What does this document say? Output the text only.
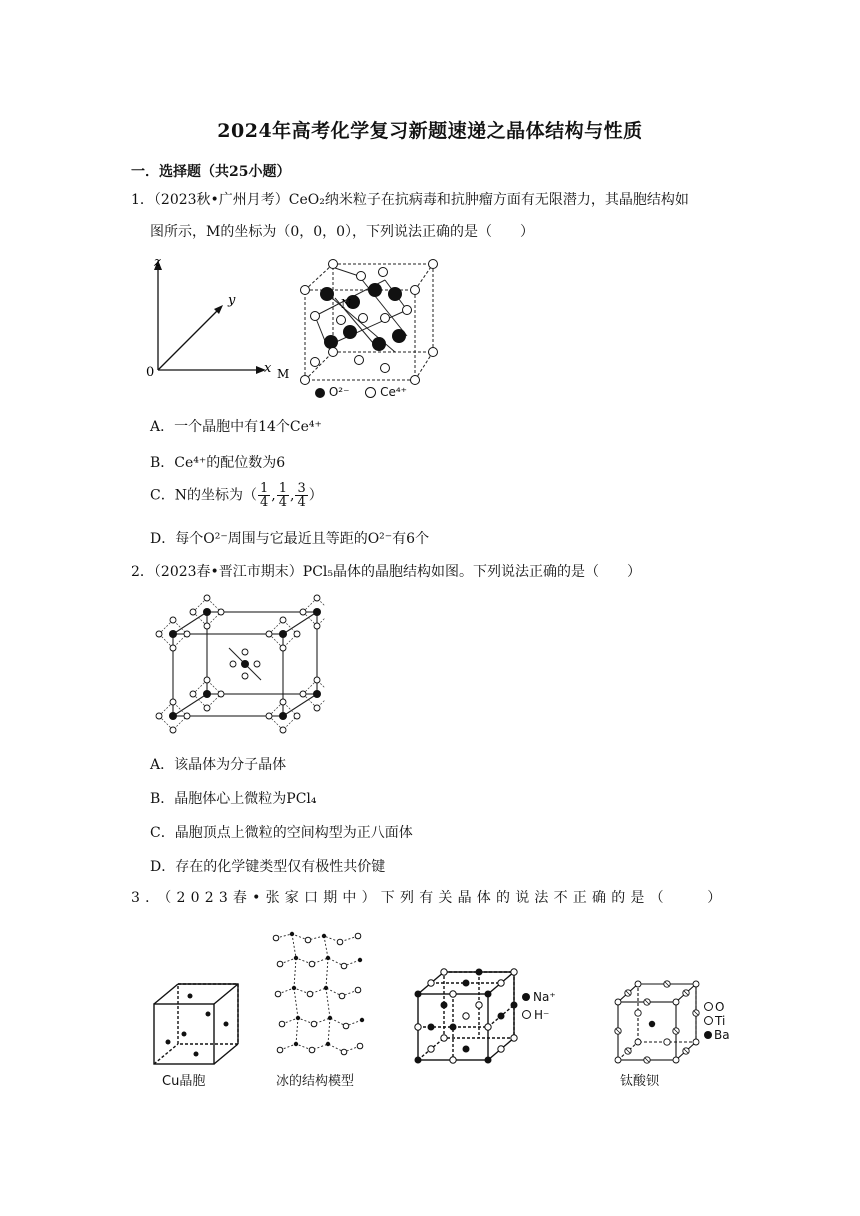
2024年高考化学复习新题速递之晶体结构与性质
一．选择题（共25小题）
1．（2023秋•广州月考）CeO₂纳米粒子在抗病毒和抗肿瘤方面有无限潜力，其晶胞结构如
图所示，M的坐标为（0，0，0），下列说法正确的是（　　）
z
y
x
0
N
M
O²⁻	Ce⁴⁺
A．一个晶胞中有14个Ce⁴⁺
B．Ce⁴⁺的配位数为6
C．N的坐标为（ $\frac{1}{4}$ , $\frac{1}{4}$ , $\frac{3}{4}$ ）
D．每个O²⁻周围与它最近且等距的O²⁻有6个
2．（2023春•晋江市期末）PCl₅晶体的晶胞结构如图。下列说法正确的是（　　）
A．该晶体为分子晶体
B．晶胞体心上微粒为PCl₄
C．晶胞顶点上微粒的空间构型为正八面体
D．存在的化学键类型仅有极性共价键
3．（2023春•张家口期中）下列有关晶体的说法不正确的是（　　）
Cu晶胞	冰的结构模型
Na⁺
H⁻
O
Ti
Ba
钛酸钡
